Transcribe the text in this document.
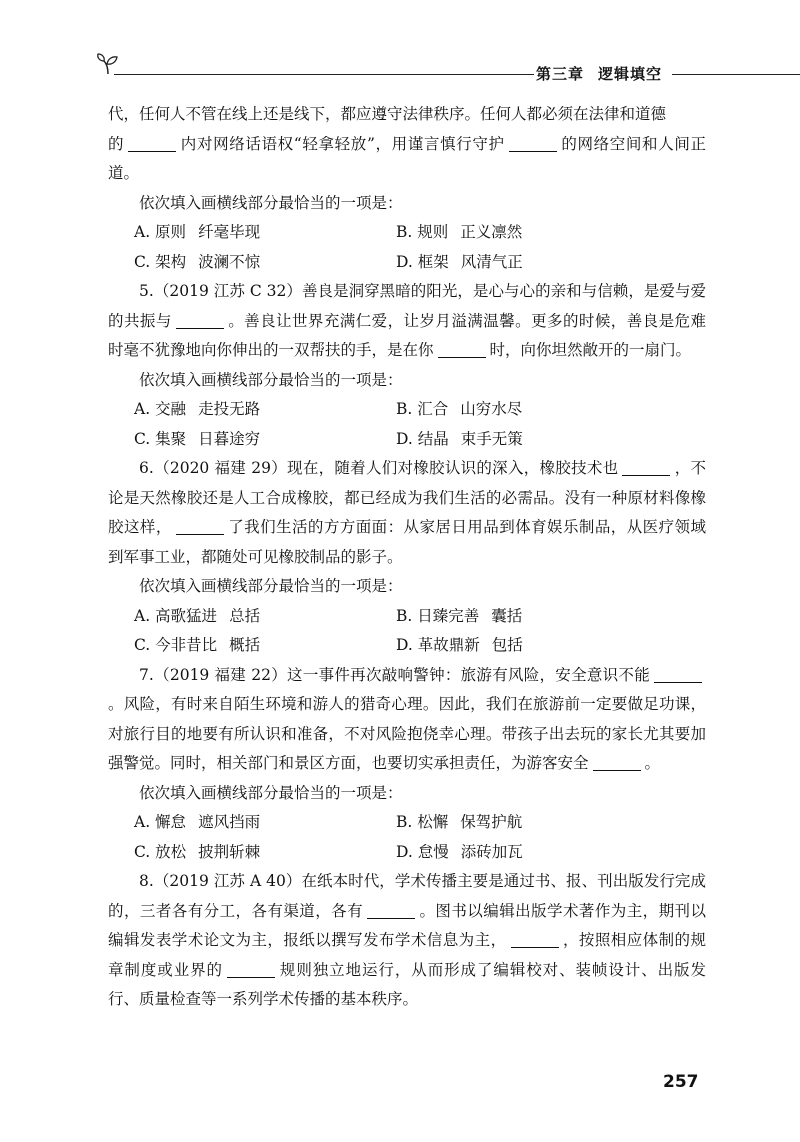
第三章 逻辑填空

代，任何人不管在线上还是线下，都应遵守法律秩序。任何人都必须在法律和道德

的	内对网络话语权“轻拿轻放”，用谨言慎行守护	的网络空间和人间正道。

依次填入画横线部分最恰当的一项是：

A. 原则 纤毫毕现	B. 规则 正义凛然
C. 架构 波澜不惊	D. 框架 风清气正

5.（2019 江苏 C 32）善良是洞穿黑暗的阳光，是心与心的亲和与信赖，是爱与爱的共振与	。善良让世界充满仁爱，让岁月溢满温馨。更多的时候，善良是危难时毫不犹豫地向你伸出的一双帮扶的手，是在你	时，向你坦然敞开的一扇门。

依次填入画横线部分最恰当的一项是：

A. 交融 走投无路	B. 汇合 山穷水尽
C. 集聚 日暮途穷	D. 结晶 束手无策

6.（2020 福建 29）现在，随着人们对橡胶认识的深入，橡胶技术也	，不论是天然橡胶还是人工合成橡胶，都已经成为我们生活的必需品。没有一种原材料像橡胶这样，	了我们生活的方方面面：从家居日用品到体育娱乐制品，从医疗领域到军事工业，都随处可见橡胶制品的影子。

依次填入画横线部分最恰当的一项是：

A. 高歌猛进 总括	B. 日臻完善 囊括
C. 今非昔比 概括	D. 革故鼎新 包括

7.（2019 福建 22）这一事件再次敲响警钟：旅游有风险，安全意识不能。风险，有时来自陌生环境和游人的猎奇心理。因此，我们在旅游前一定要做足功课，对旅行目的地要有所认识和准备，不对风险抱侥幸心理。带孩子出去玩的家长尤其要加强警觉。同时，相关部门和景区方面，也要切实承担责任，为游客安全	。

依次填入画横线部分最恰当的一项是：

A. 懈怠 遮风挡雨	B. 松懈 保驾护航
C. 放松 披荆斩棘	D. 怠慢 添砖加瓦

8.（2019 江苏 A 40）在纸本时代，学术传播主要是通过书、报、刊出版发行完成的，三者各有分工，各有渠道，各有	。图书以编辑出版学术著作为主，期刊以编辑发表学术论文为主，报纸以撰写发布学术信息为主，	，按照相应体制的规章制度或业界的	规则独立地运行，从而形成了编辑校对、装帧设计、出版发行、质量检查等一系列学术传播的基本秩序。

257
